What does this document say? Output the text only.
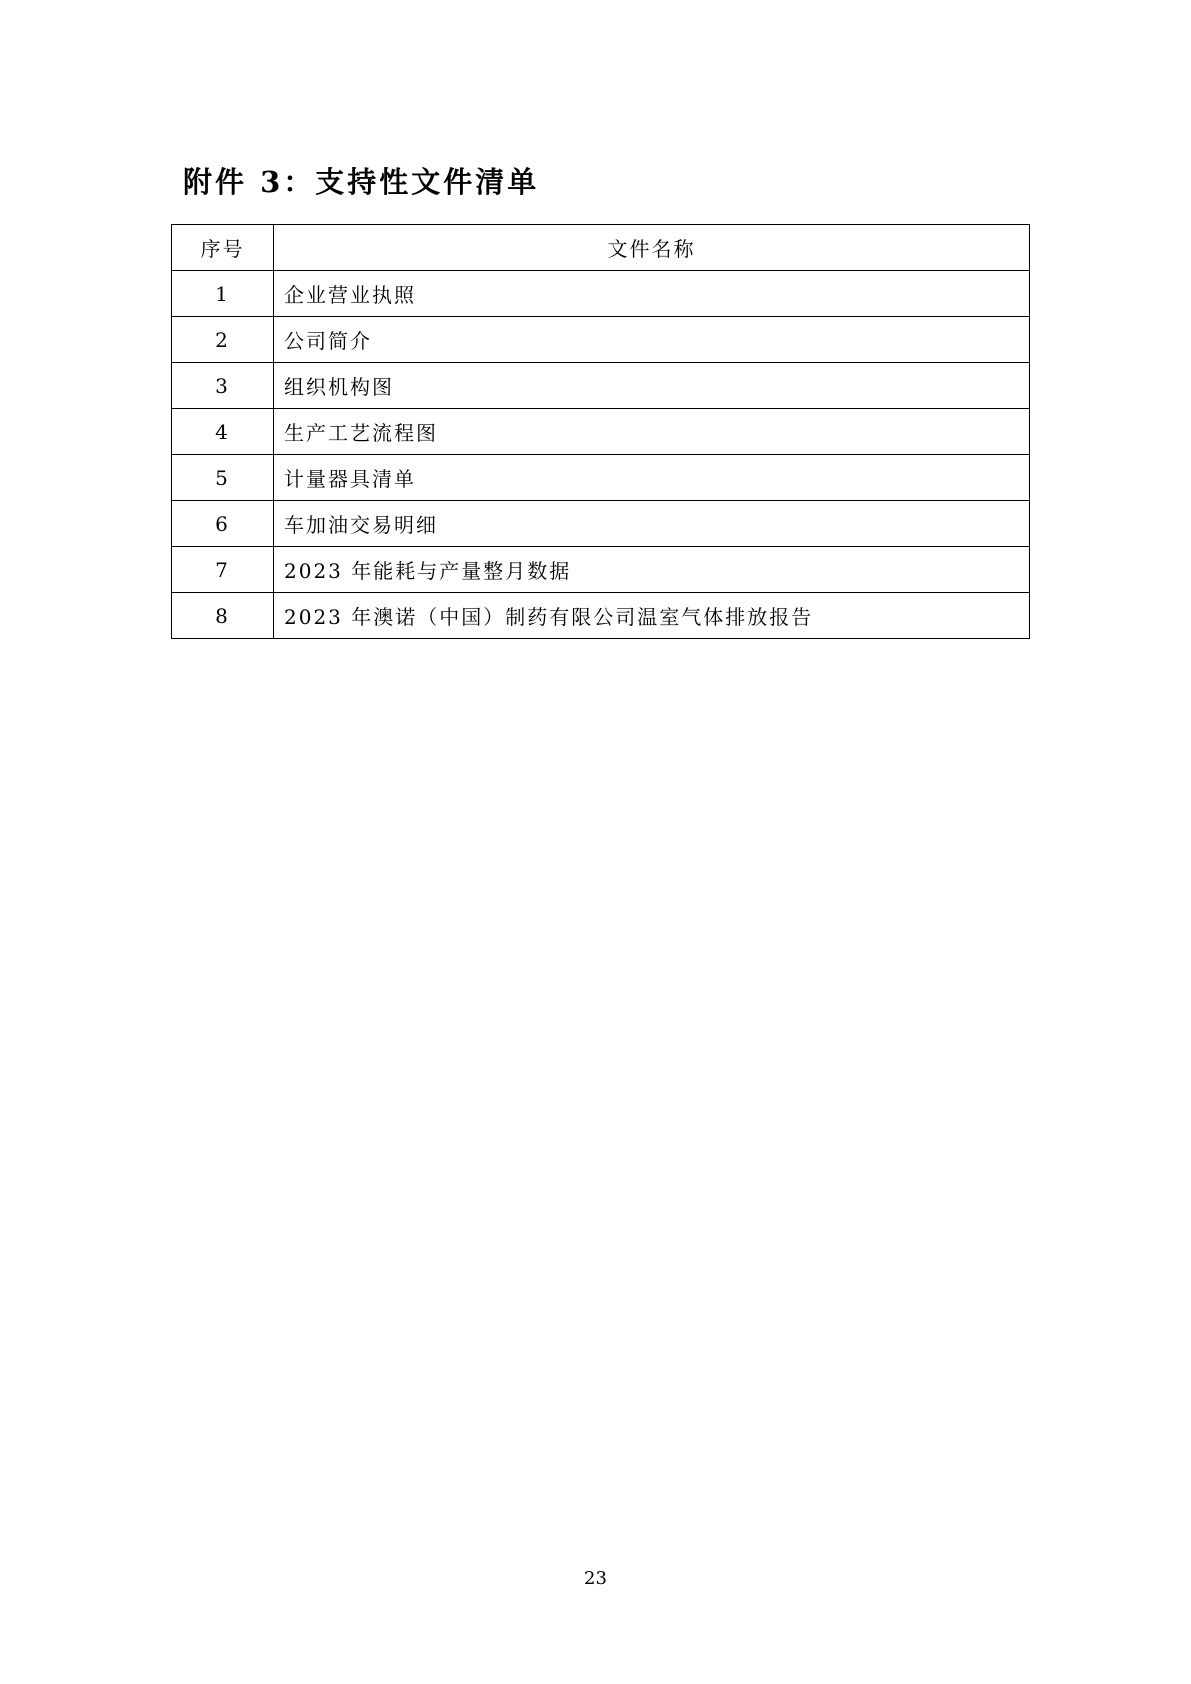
附件 3：支持性文件清单
序号	文件名称
1	企业营业执照
2	公司简介
3	组织机构图
4	生产工艺流程图
5	计量器具清单
6	车加油交易明细
7	2023 年能耗与产量整月数据
8	2023 年澳诺（中国）制药有限公司温室气体排放报告
23
